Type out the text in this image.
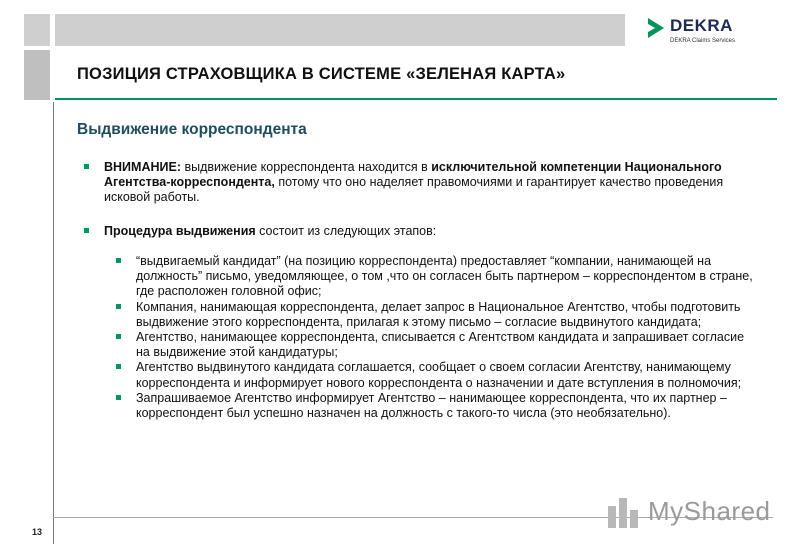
DEKRA
DEKRA Claims Services
ПОЗИЦИЯ СТРАХОВЩИКА В СИСТЕМЕ «ЗЕЛЕНАЯ КАРТА»
13
Выдвижение корреспондента
ВНИМАНИЕ: выдвижение корреспондента находится в исключительной компетенции Национального Агентства-корреспондента, потому что оно наделяет правомочиями и гарантирует качество проведения исковой работы.
Процедура выдвижения состоит из следующих этапов:
“выдвигаемый кандидат” (на позицию корреспондента) предоставляет “компании, нанимающей на должность” письмо, уведомляющее, о том ,что он согласен быть партнером – корреспондентом в стране, где расположен головной офис;
Компания, нанимающая корреспондента, делает запрос в Национальное Агентство, чтобы подготовить выдвижение этого корреспондента, прилагая к этому письмо – согласие выдвинутого кандидата;
Агентство, нанимающее корреспондента, списывается с Агентством кандидата и запрашивает согласие на выдвижение этой кандидатуры;
Агентство выдвинутого кандидата соглашается, сообщает о своем согласии Агентству, нанимающему корреспондента и информирует нового корреспондента о назначении и дате вступления в полномочия;
Запрашиваемое Агентство информирует Агентство – нанимающее корреспондента, что их партнер – корреспондент был успешно назначен на должность с такого-то числа (это необязательно).
MyShared
